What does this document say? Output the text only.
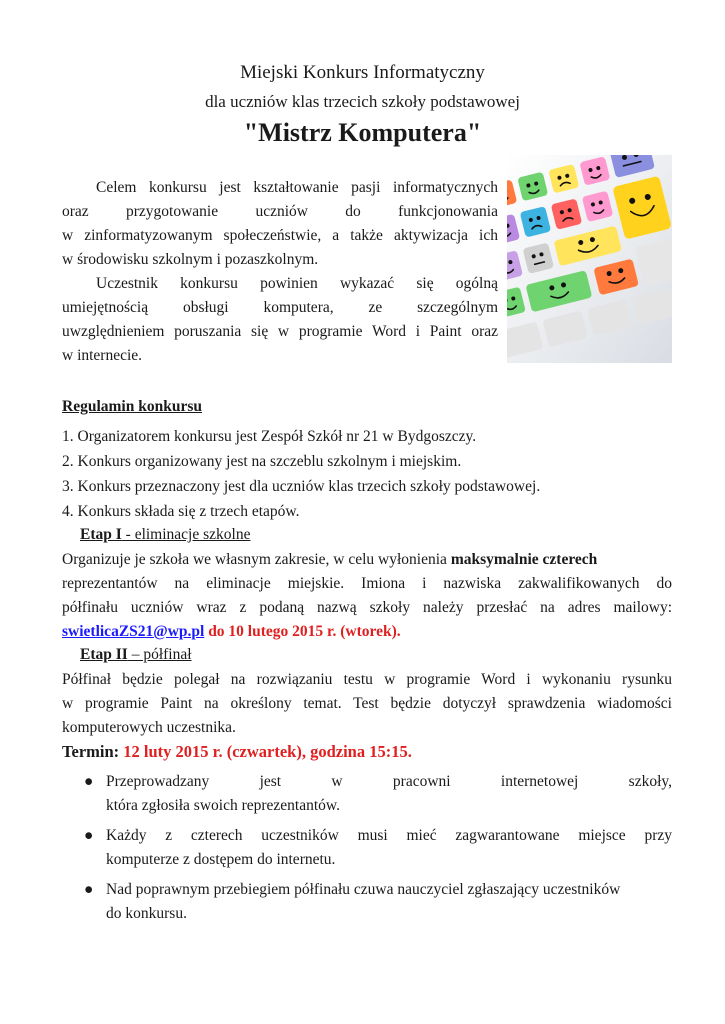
Miejski Konkurs Informatyczny
dla uczniów klas trzecich szkoły podstawowej
"Mistrz Komputera"
Celem konkursu jest kształtowanie pasji informatycznych
oraz przygotowanie uczniów do funkcjonowania
w zinformatyzowanym społeczeństwie, a także aktywizacja ich
w środowisku szkolnym i pozaszkolnym.
Uczestnik konkursu powinien wykazać się ogólną
umiejętnością obsługi komputera, ze szczególnym
uwzględnieniem poruszania się w programie Word i Paint oraz
w internecie.
Regulamin konkursu
1. Organizatorem konkursu jest Zespół Szkół nr 21 w Bydgoszczy.
2. Konkurs organizowany jest na szczeblu szkolnym i miejskim.
3. Konkurs przeznaczony jest dla uczniów klas trzecich szkoły podstawowej.
4. Konkurs składa się z trzech etapów.
Etap I - eliminacje szkolne
Organizuje je szkoła we własnym zakresie, w celu wyłonienia maksymalnie czterech
reprezentantów na eliminacje miejskie. Imiona i nazwiska zakwalifikowanych do
półfinału uczniów wraz z podaną nazwą szkoły należy przesłać na adres mailowy:
swietlicaZS21@wp.pl do 10 lutego 2015 r. (wtorek).
Etap II – półfinał
Półfinał będzie polegał na rozwiązaniu testu w programie Word i wykonaniu rysunku
w programie Paint na określony temat. Test będzie dotyczył sprawdzenia wiadomości
komputerowych uczestnika.
Termin: 12 luty 2015 r. (czwartek), godzina 15:15.
● Przeprowadzany jest w pracowni internetowej szkoły,
która zgłosiła swoich reprezentantów.
● Każdy z czterech uczestników musi mieć zagwarantowane miejsce przy
komputerze z dostępem do internetu.
● Nad poprawnym przebiegiem półfinału czuwa nauczyciel zgłaszający uczestników
do konkursu.
